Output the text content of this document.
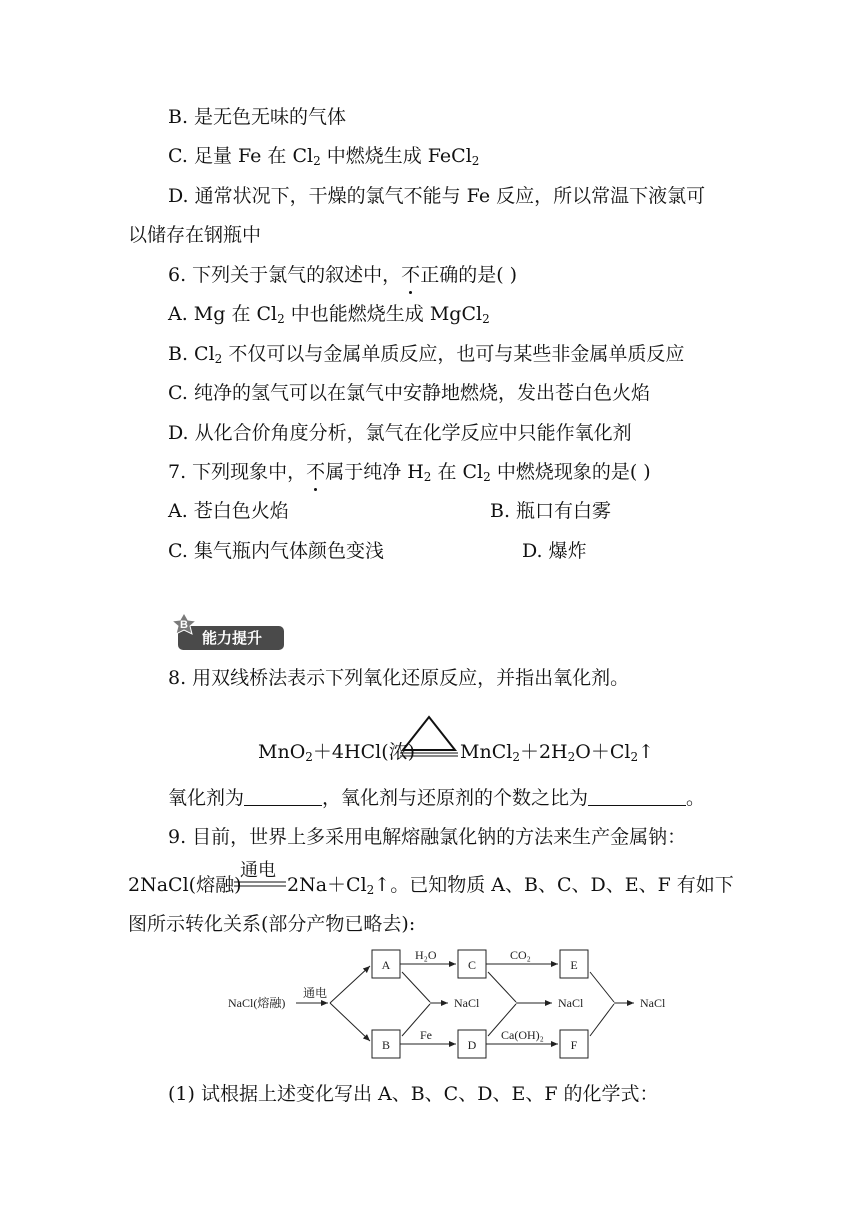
B. 是无色无味的气体
C. 足量 Fe 在 $Cl_2$ 中燃烧生成 FeCl$_2$
D. 通常状况下，干燥的氯气不能与 Fe 反应，所以常温下液氯可
以储存在钢瓶中
6. 下列关于氯气的叙述中，不正确的是( )
A. Mg 在 $Cl_2$ 中也能燃烧生成 MgCl$_2$
B. $Cl_2$ 不仅可以与金属单质反应，也可与某些非金属单质反应
C. 纯净的氢气可以在氯气中安静地燃烧，发出苍白色火焰
D. 从化合价角度分析，氯气在化学反应中只能作氧化剂
7. 下列现象中，不属于纯净 $H_2$ 在 $Cl_2$ 中燃烧现象的是( )
A. 苍白色火焰	B. 瓶口有白雾
C. 集气瓶内气体颜色变浅	D. 爆炸
B
能力提升
8. 用双线桥法表示下列氧化还原反应，并指出氧化剂。
MnO$_2$＋4HCl(浓) $MnCl_2+2H_2O+Cl_2↑$
氧化剂为	，氧化剂与还原剂的个数之比为	。
9. 目前，世界上多采用电解熔融氯化钠的方法来生产金属钠：
通电
2NaCl(熔融) $2Na+Cl_2↑$。已知物质 A、B、C、D、E、F 有如下
图所示转化关系(部分产物已略去):
NaCl(熔融)
通电
A
B
H₂O
Fe
NaCl
C
D
CO₂
Ca(OH)₂
NaCl
E
F
NaCl
(1) 试根据上述变化写出 A、B、C、D、E、F 的化学式：
